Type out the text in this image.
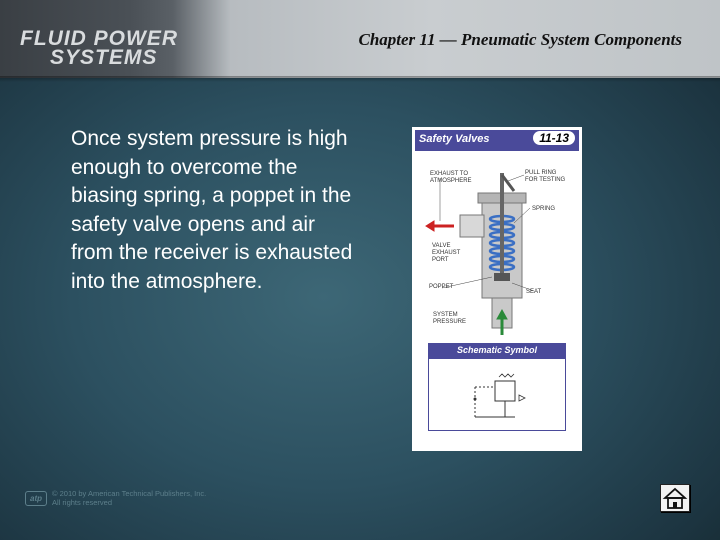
FLUID POWER
SYSTEMS
Chapter 11 — Pneumatic System Components
Once system pressure is high enough to overcome the biasing spring, a poppet in the safety valve opens and air from the receiver is exhausted into the atmosphere.
Safety Valves	11-13
EXHAUST TO
ATMOSPHERE
PULL RING
FOR TESTING
SPRING
VALVE
EXHAUST
PORT
POPPET
SEAT
SYSTEM
PRESSURE
Schematic Symbol
atp
© 2010 by American Technical Publishers, Inc.
All rights reserved
